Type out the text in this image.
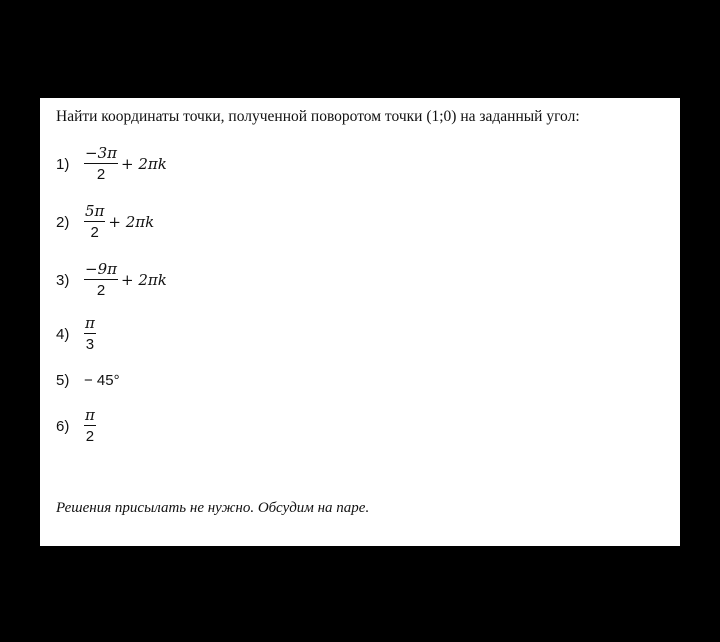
Найти координаты точки, полученной поворотом точки (1;0) на заданный угол:
$1) \frac{-3\pi}{2} + 2\pi k$
$2) \frac{5\pi}{2} + 2\pi k$
$3) \frac{-9\pi}{2} + 2\pi k$
$4) \frac{\pi}{3}$
5) − 45°
$6) \frac{\pi}{2}$
Решения присылать не нужно. Обсудим на паре.
